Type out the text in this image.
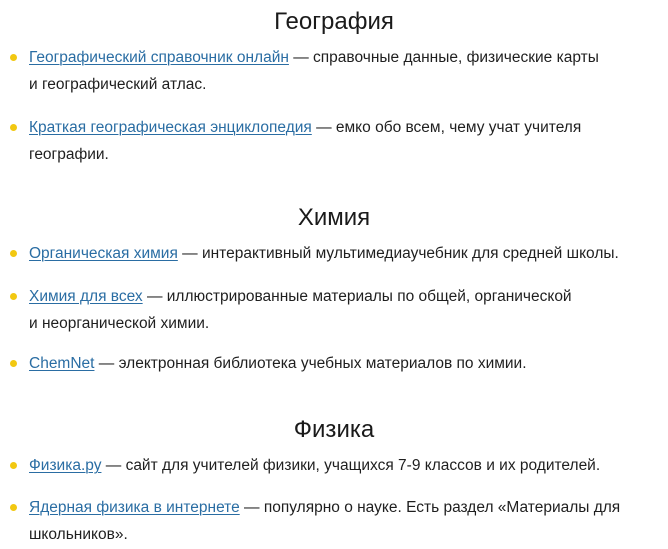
География
Географический справочник онлайн — справочные данные, физические карты
и географический атлас.
Краткая географическая энциклопедия — емко обо всем, чему учат учителя
географии.
Химия
Органическая химия — интерактивный мультимедиаучебник для средней школы.
Химия для всех — иллюстрированные материалы по общей, органической
и неорганической химии.
ChemNet — электронная библиотека учебных материалов по химии.
Физика
Физика.ру — сайт для учителей физики, учащихся 7-9 классов и их родителей.
Ядерная физика в интернете — популярно о науке. Есть раздел «Материалы для
школьников».
